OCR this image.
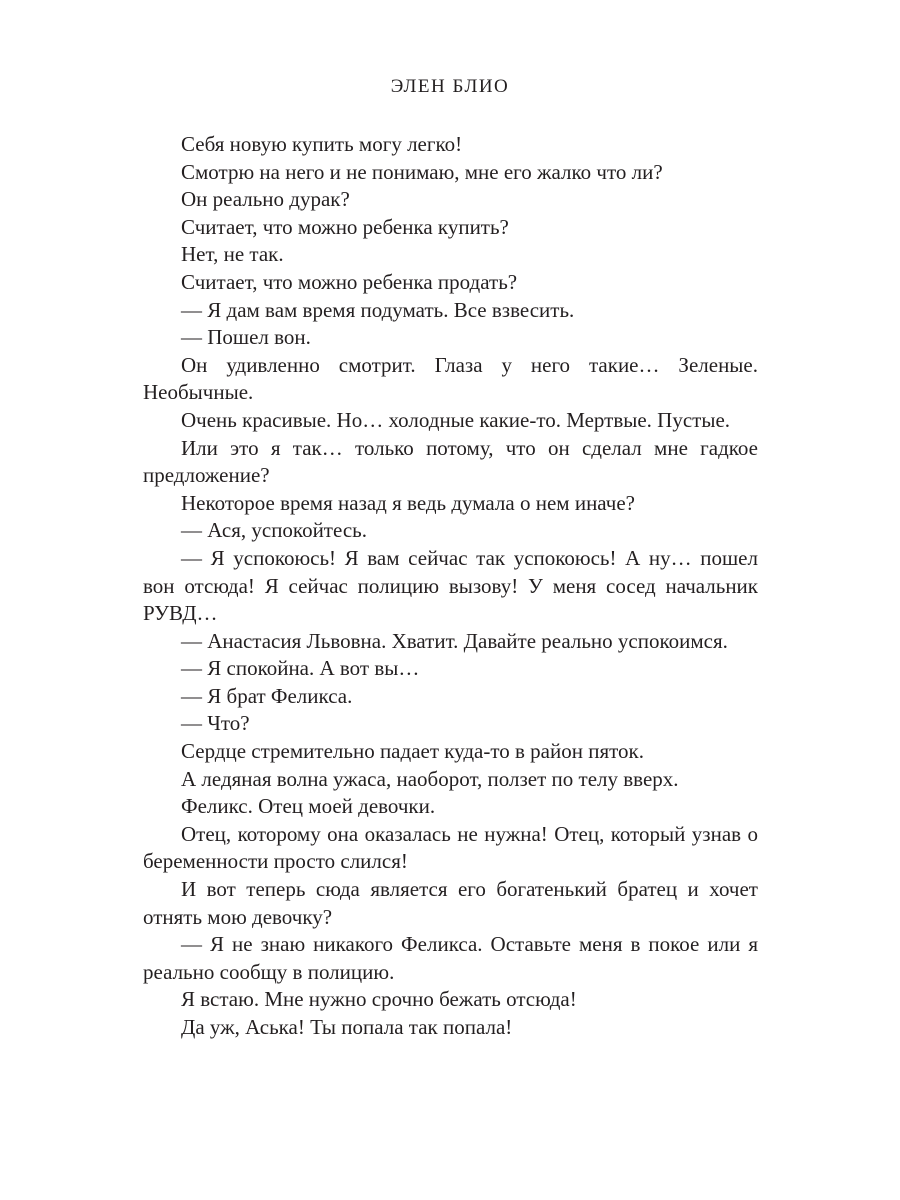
ЭЛЕН БЛИО

Себя новую купить могу легко!

Смотрю на него и не понимаю, мне его жалко что ли?

Он реально дурак?

Считает, что можно ребенка купить?

Нет, не так.

Считает, что можно ребенка продать?

— Я дам вам время подумать. Все взвесить.

— Пошел вон.

Он удивленно смотрит. Глаза у него такие… Зеленые. Необычные.

Очень красивые. Но… холодные какие-то. Мертвые. Пустые.

Или это я так… только потому, что он сделал мне гадкое предложение?

Некоторое время назад я ведь думала о нем иначе?

— Ася, успокойтесь.

— Я успокоюсь! Я вам сейчас так успокоюсь! А ну… пошел вон отсюда! Я сейчас полицию вызову! У меня сосед начальник РУВД…

— Анастасия Львовна. Хватит. Давайте реально успокоимся.

— Я спокойна. А вот вы…

— Я брат Феликса.

— Что?

Сердце стремительно падает куда-то в район пяток.

А ледяная волна ужаса, наоборот, ползет по телу вверх.

Феликс. Отец моей девочки.

Отец, которому она оказалась не нужна! Отец, который узнав о беременности просто слился!

И вот теперь сюда является его богатенький братец и хочет отнять мою девочку?

— Я не знаю никакого Феликса. Оставьте меня в покое или я реально сообщу в полицию.

Я встаю. Мне нужно срочно бежать отсюда!

Да уж, Аська! Ты попала так попала!
